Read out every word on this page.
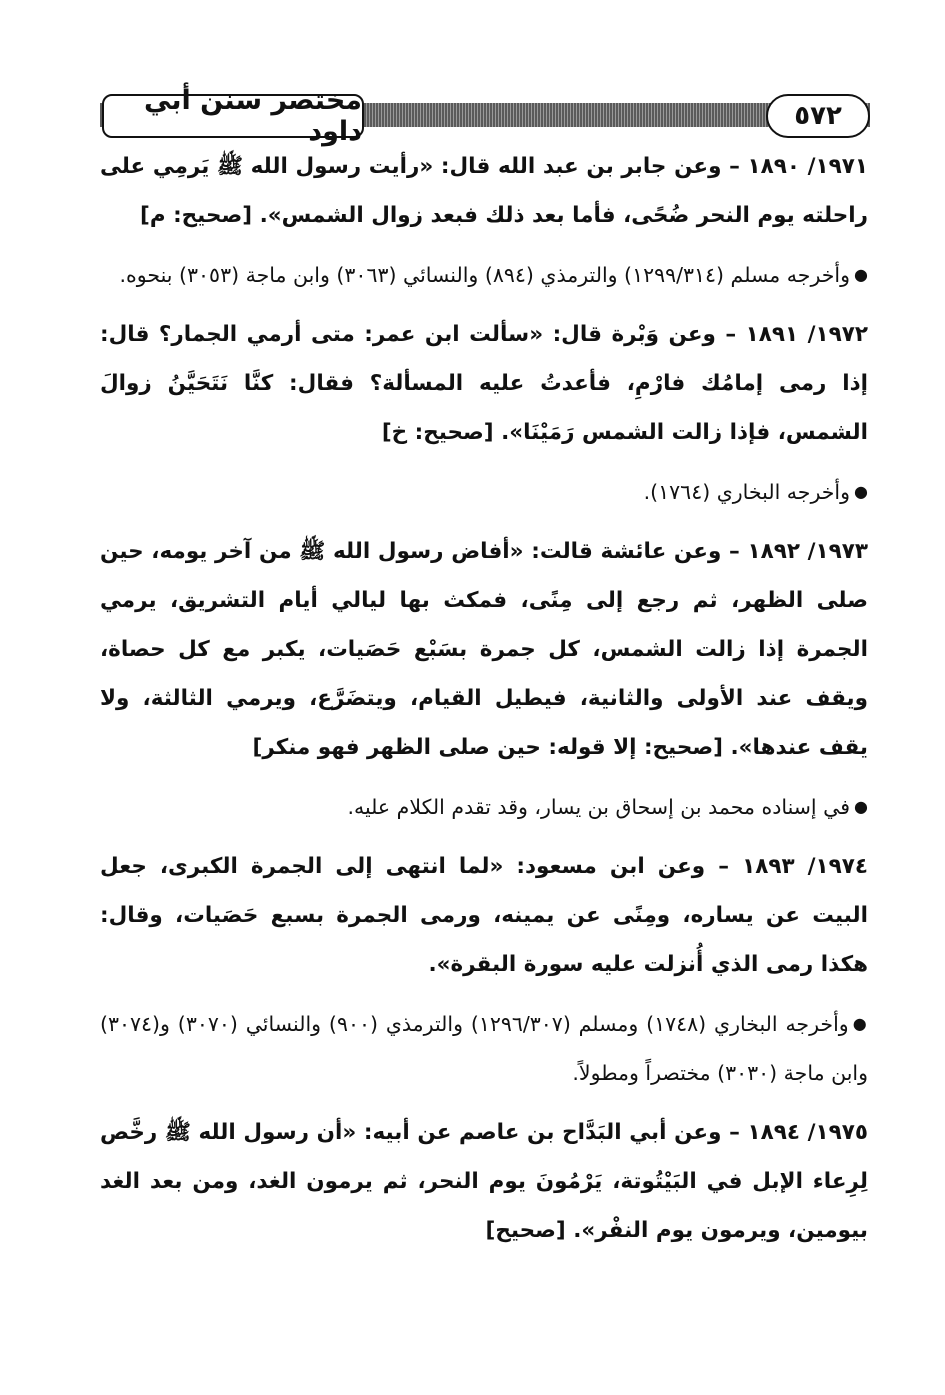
مختصر سنن أبي داود	٥٧٢

١٩٧١/ ١٨٩٠ – وعن جابر بن عبد الله قال: «رأيت رسول الله ﷺ يَرمِي على راحلته يوم النحر ضُحًى، فأما بعد ذلك فبعد زوال الشمس». [صحيح: م]

●وأخرجه مسلم (١٢٩٩/٣١٤) والترمذي (٨٩٤) والنسائي (٣٠٦٣) وابن ماجة (٣٠٥٣) بنحوه.

١٩٧٢/ ١٨٩١ – وعن وَبْرة قال: «سألت ابن عمر: متى أرمي الجمار؟ قال: إذا رمى إمامُك فارْمِ، فأعدتُ عليه المسألة؟ فقال: كنَّا نَتَحَيَّنُ زوالَ الشمس، فإذا زالت الشمس رَمَيْنَا». [صحيح: خ]

●وأخرجه البخاري (١٧٦٤).

١٩٧٣/ ١٨٩٢ – وعن عائشة قالت: «أفاض رسول الله ﷺ من آخر يومه، حين صلى الظهر، ثم رجع إلى مِنًى، فمكث بها ليالي أيام التشريق، يرمي الجمرة إذا زالت الشمس، كل جمرة بسَبْع حَصَيات، يكبر مع كل حصاة، ويقف عند الأولى والثانية، فيطيل القيام، ويتضَرَّع، ويرمي الثالثة، ولا يقف عندها». [صحيح: إلا قوله: حين صلى الظهر فهو منكر]

●في إسناده محمد بن إسحاق بن يسار، وقد تقدم الكلام عليه.

١٩٧٤/ ١٨٩٣ – وعن ابن مسعود: «لما انتهى إلى الجمرة الكبرى، جعل البيت عن يساره، ومِنًى عن يمينه، ورمى الجمرة بسبع حَصَيات، وقال: هكذا رمى الذي أُنزلت عليه سورة البقرة».

●وأخرجه البخاري (١٧٤٨) ومسلم (١٢٩٦/٣٠٧) والترمذي (٩٠٠) والنسائي (٣٠٧٠) و(٣٠٧٤) وابن ماجة (٣٠٣٠) مختصراً ومطولاً.

١٩٧٥/ ١٨٩٤ – وعن أبي البَدَّاح بن عاصم عن أبيه: «أن رسول الله ﷺ رخَّص لِرِعاء الإبل في البَيْتُوتة، يَرْمُونَ يوم النحر، ثم يرمون الغد، ومن بعد الغد بيومين، ويرمون يوم النفْر». [صحيح]
